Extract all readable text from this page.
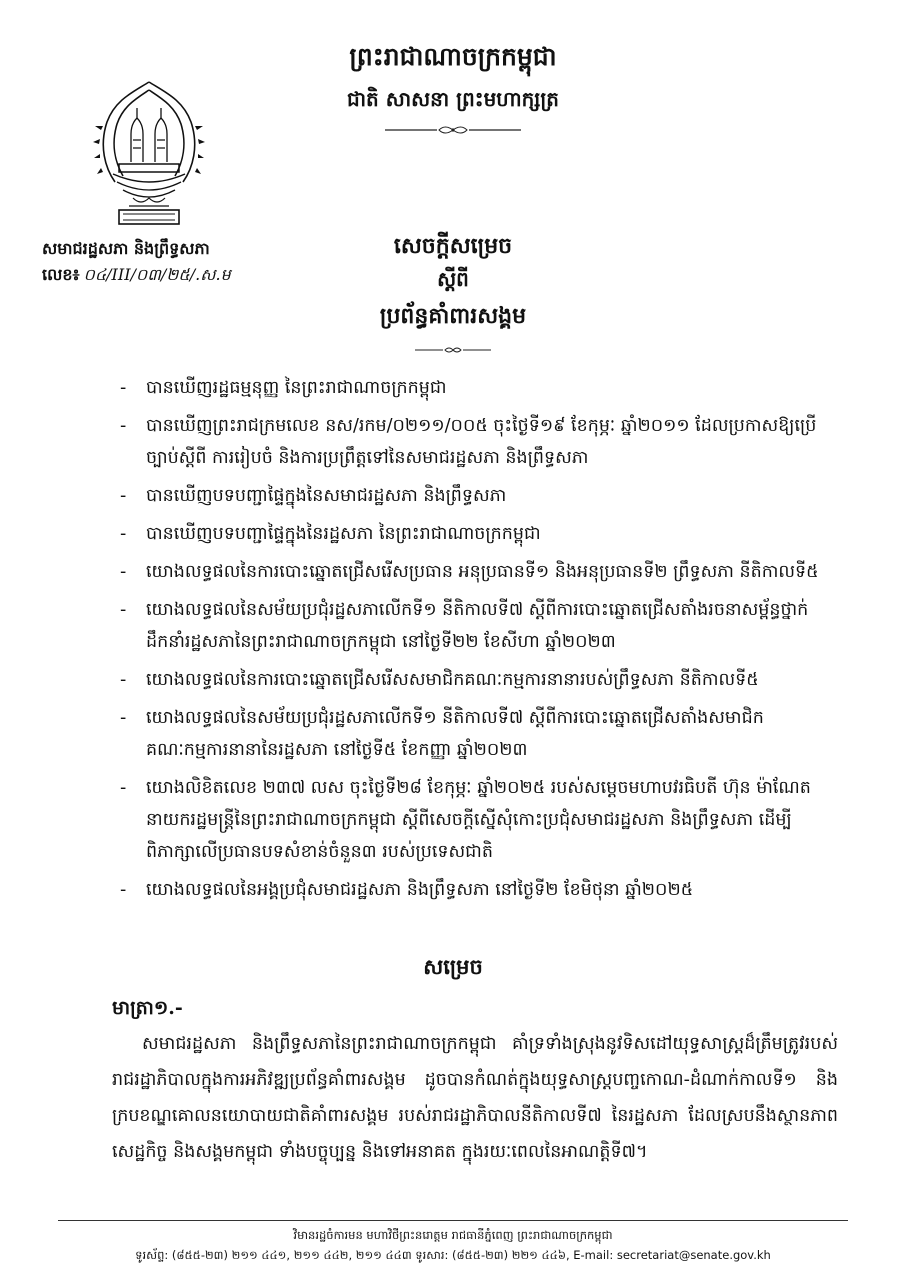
ព្រះរាជាណាចក្រកម្ពុជា
ជាតិ សាសនា ព្រះមហាក្សត្រ
សមាជរដ្ឋសភា និងព្រឹទ្ធសភា
លេខ៖ ០៤/III/០៣/២៥/.ស.ម
សេចក្ដីសម្រេច
ស្ដីពី
ប្រព័ន្ធគាំពារសង្គម
- បានឃើញរដ្ឋធម្មនុញ្ញ នៃព្រះរាជាណាចក្រកម្ពុជា
- បានឃើញព្រះរាជក្រមលេខ នស/រកម/០២១១/០០៥ ចុះថ្ងៃទី១៩ ខែកុម្ភៈ ឆ្នាំ២០១១ ដែលប្រកាសឱ្យប្រើច្បាប់ស្ដីពី ការរៀបចំ និងការប្រព្រឹត្តទៅនៃសមាជរដ្ឋសភា និងព្រឹទ្ធសភា
- បានឃើញបទបញ្ជាផ្ទៃក្នុងនៃសមាជរដ្ឋសភា និងព្រឹទ្ធសភា
- បានឃើញបទបញ្ជាផ្ទៃក្នុងនៃរដ្ឋសភា នៃព្រះរាជាណាចក្រកម្ពុជា
- យោងលទ្ធផលនៃការបោះឆ្នោតជ្រើសរើសប្រធាន អនុប្រធានទី១ និងអនុប្រធានទី២ ព្រឹទ្ធសភា នីតិកាលទី៥
- យោងលទ្ធផលនៃសម័យប្រជុំរដ្ឋសភាលើកទី១ នីតិកាលទី៧ ស្ដីពីការបោះឆ្នោតជ្រើសតាំងរចនាសម្ព័ន្ធថ្នាក់ដឹកនាំរដ្ឋសភានៃព្រះរាជាណាចក្រកម្ពុជា នៅថ្ងៃទី២២ ខែសីហា ឆ្នាំ២០២៣
- យោងលទ្ធផលនៃការបោះឆ្នោតជ្រើសរើសសមាជិកគណៈកម្មការនានារបស់ព្រឹទ្ធសភា នីតិកាលទី៥
- យោងលទ្ធផលនៃសម័យប្រជុំរដ្ឋសភាលើកទី១ នីតិកាលទី៧ ស្ដីពីការបោះឆ្នោតជ្រើសតាំងសមាជិកគណៈកម្មការនានានៃរដ្ឋសភា នៅថ្ងៃទី៥ ខែកញ្ញា ឆ្នាំ២០២៣
- យោងលិខិតលេខ ២៣៧ លស ចុះថ្ងៃទី២៨ ខែកុម្ភៈ ឆ្នាំ២០២៥ របស់សម្ដេចមហាបវរធិបតី ហ៊ុន ម៉ាណែត នាយករដ្ឋមន្ត្រីនៃព្រះរាជាណាចក្រកម្ពុជា ស្ដីពីសេចក្ដីស្នើសុំកោះប្រជុំសមាជរដ្ឋសភា និងព្រឹទ្ធសភា ដើម្បីពិភាក្សាលើប្រធានបទសំខាន់ចំនួន៣ របស់ប្រទេសជាតិ
- យោងលទ្ធផលនៃអង្គប្រជុំសមាជរដ្ឋសភា និងព្រឹទ្ធសភា នៅថ្ងៃទី២ ខែមិថុនា ឆ្នាំ២០២៥
សម្រេច
មាត្រា១.-

សមាជរដ្ឋសភា និងព្រឹទ្ធសភានៃព្រះរាជាណាចក្រកម្ពុជា គាំទ្រទាំងស្រុងនូវទិសដៅយុទ្ធសាស្ត្រដ៏ត្រឹមត្រូវរបស់រាជរដ្ឋាភិបាលក្នុងការអភិវឌ្ឍប្រព័ន្ធគាំពារសង្គម ដូចបានកំណត់ក្នុងយុទ្ធសាស្ត្របញ្ចកោណ-ដំណាក់កាលទី១ និងក្របខណ្ឌគោលនយោបាយជាតិគាំពារសង្គម របស់រាជរដ្ឋាភិបាលនីតិកាលទី៧ នៃរដ្ឋសភា ដែលស្របនឹងស្ថានភាពសេដ្ឋកិច្ច និងសង្គមកម្ពុជា ទាំងបច្ចុប្បន្ន និងទៅអនាគត ក្នុងរយៈពេលនៃអាណត្តិទី៧។

វិមានរដ្ឋចំការមន មហាវិថីព្រះនរោត្តម រាជធានីភ្នំពេញ ព្រះរាជាណាចក្រកម្ពុជា
ទូរស័ព្ទ: (៨៥៥-២៣) ២១១ ៤៤១, ២១១ ៤៤២, ២១១ ៤៤៣ ទូរសារ: (៨៥៥-២៣) ២២១ ៤៤៦, E-mail: secretariat@senate.gov.kh
